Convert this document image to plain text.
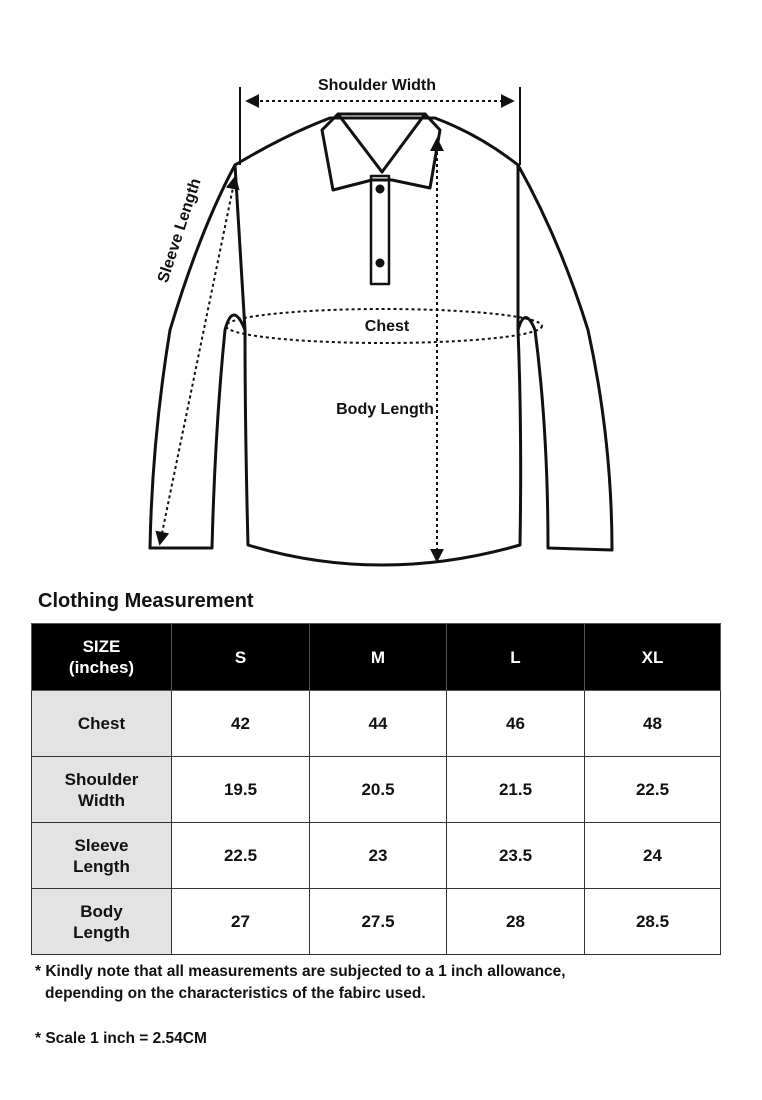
Shoulder Width
Sleeve Length
Chest
Body Length
Clothing Measurement
SIZE
(inches)	S	M	L	XL
Chest	42	44	46	48
Shoulder
Width	19.5	20.5	21.5	22.5
Sleeve
Length	22.5	23	23.5	24
Body
Length	27	27.5	28	28.5

* Kindly note that all measurements are subjected to a 1 inch allowance,
depending on the characteristics of the fabirc used.

* Scale 1 inch = 2.54CM
